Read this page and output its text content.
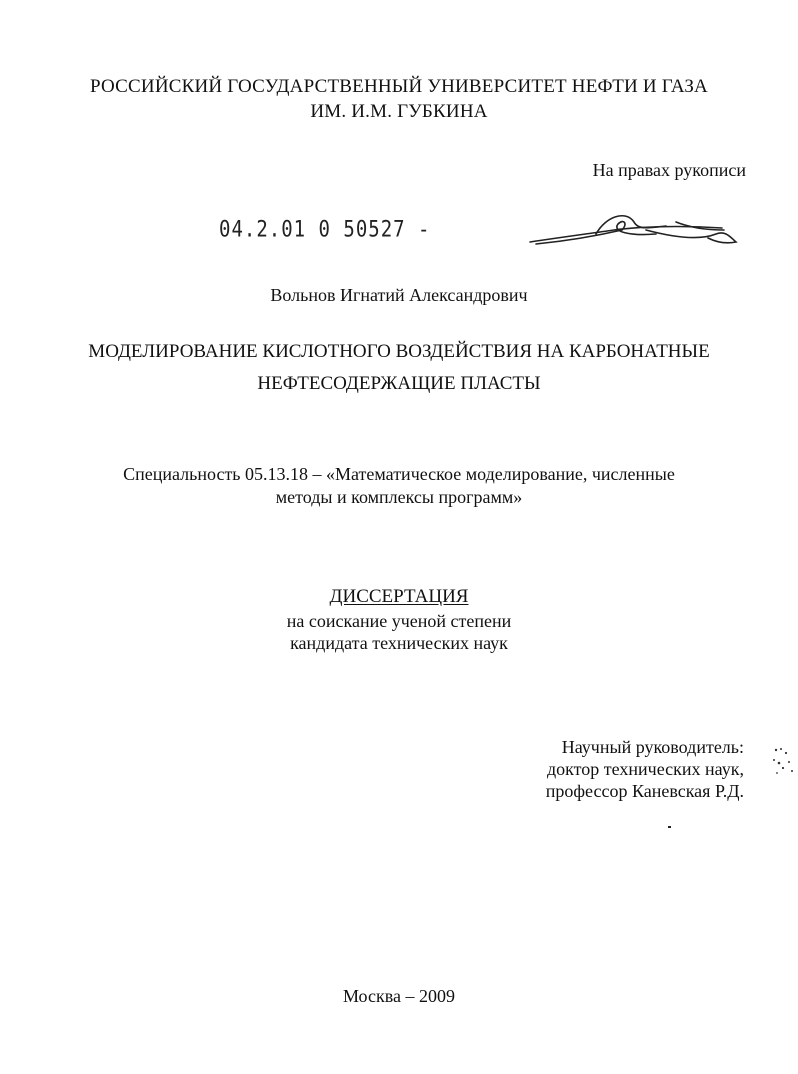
РОССИЙСКИЙ ГОСУДАРСТВЕННЫЙ УНИВЕРСИТЕТ НЕФТИ И ГАЗА
ИМ. И.М. ГУБКИНА
На правах рукописи
04.2.01 0 50527 -
Вольнов Игнатий Александрович
МОДЕЛИРОВАНИЕ КИСЛОТНОГО ВОЗДЕЙСТВИЯ НА КАРБОНАТНЫЕ
НЕФТЕСОДЕРЖАЩИЕ ПЛАСТЫ
Специальность 05.13.18 – «Математическое моделирование, численные
методы и комплексы программ»
ДИССЕРТАЦИЯ
на соискание ученой степени
кандидата технических наук
Научный руководитель:
доктор технических наук,
профессор Каневская Р.Д.
Москва – 2009
